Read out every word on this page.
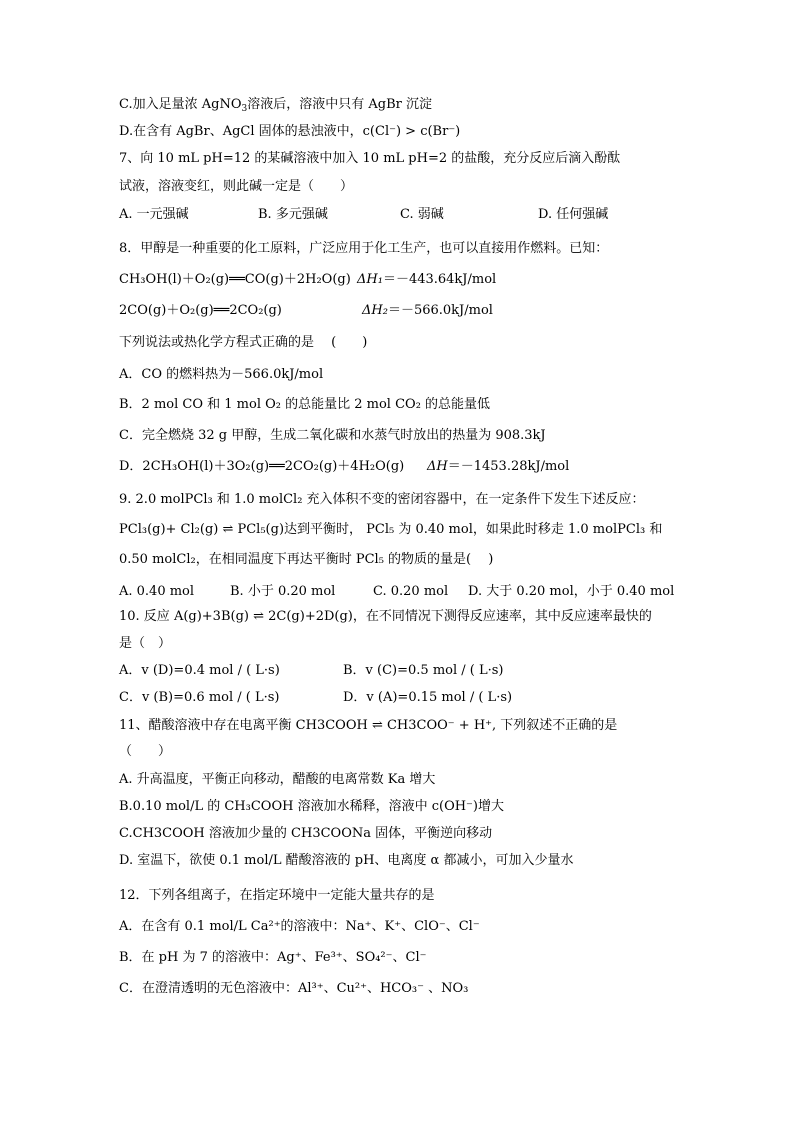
C.加入足量浓 AgNO$_3$溶液后，溶液中只有 AgBr 沉淀
D.在含有 AgBr、AgCl 固体的悬浊液中，c(Cl⁻) > c(Br⁻)
7、向 10 mL pH=12 的某碱溶液中加入 10 mL pH=2 的盐酸，充分反应后滴入酚酞
试液，溶液变红，则此碱一定是（　　）
A. 一元强碱	B. 多元强碱	C. 弱碱	D. 任何强碱
8．甲醇是一种重要的化工原料，广泛应用于化工生产，也可以直接用作燃料。已知：
CH₃OH(l)＋O₂(g)══CO(g)＋2H₂O(g) ΔH₁＝－443.64kJ/mol
2CO(g)＋O₂(g)══2CO₂(g)	ΔH₂＝－566.0kJ/mol
下列说法或热化学方程式正确的是　 (　　)
A．CO 的燃料热为－566.0kJ/mol
B．2 mol CO 和 1 mol O₂ 的总能量比 2 mol CO₂ 的总能量低
C．完全燃烧 32 g 甲醇，生成二氧化碳和水蒸气时放出的热量为 908.3kJ
D．2CH₃OH(l)＋3O₂(g)══2CO₂(g)＋4H₂O(g) ΔH＝－1453.28kJ/mol
9. 2.0 molPCl₃ 和 1.0 molCl₂ 充入体积不变的密闭容器中，在一定条件下发生下述反应：
PCl₃(g)+ Cl₂(g) ⇌ PCl₅(g)达到平衡时， PCl₅ 为 0.40 mol，如果此时移走 1.0 molPCl₃ 和
0.50 molCl₂，在相同温度下再达平衡时 PCl₅ 的物质的量是(　 )
A. 0.40 mol	B. 小于 0.20 mol	C. 0.20 mol D. 大于 0.20 mol，小于 0.40 mol
10. 反应 A(g)+3B(g) ⇌ 2C(g)+2D(g)，在不同情况下测得反应速率，其中反应速率最快的
是（　）
A．v (D)=0.4 mol / ( L·s)	B．v (C)=0.5 mol / ( L·s)
C．v (B)=0.6 mol / ( L·s)	D．v (A)=0.15 mol / ( L·s)
11、醋酸溶液中存在电离平衡 CH3COOH ⇌ CH3COO⁻ + H⁺, 下列叙述不正确的是
（　　）
A. 升高温度，平衡正向移动，醋酸的电离常数 Ka 增大
B.0.10 mol/L 的 CH₃COOH 溶液加水稀释，溶液中 c(OH⁻)增大
C.CH3COOH 溶液加少量的 CH3COONa 固体，平衡逆向移动
D. 室温下，欲使 0.1 mol/L 醋酸溶液的 pH、电离度 α 都减小，可加入少量水
12．下列各组离子，在指定环境中一定能大量共存的是
A．在含有 0.1 mol/L Ca²⁺的溶液中：Na⁺、K⁺、ClO⁻、Cl⁻
B．在 pH 为 7 的溶液中：Ag⁺、Fe³⁺、SO₄²⁻、Cl⁻
C．在澄清透明的无色溶液中：Al³⁺、Cu²⁺、HCO₃⁻ 、NO₃
